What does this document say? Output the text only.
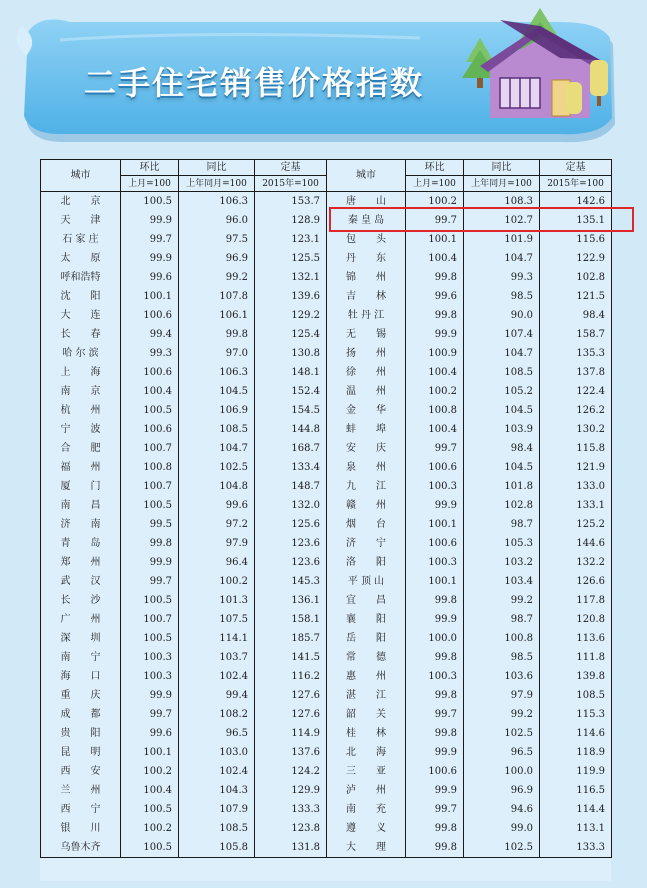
二手住宅销售价格指数
城市	环比	同比	定基	城市	环比	同比	定基
	上月=100	上年同月=100	2015年=100		上月=100	上年同月=100	2015年=100
北　　京	100.5	106.3	153.7	唐　　山	100.2	108.3	142.6
天　　津	99.9	96.0	128.9	秦 皇 岛	99.7	102.7	135.1
石 家 庄	99.7	97.5	123.1	包　　头	100.1	101.9	115.6
太　　原	99.9	96.9	125.5	丹　　东	100.4	104.7	122.9
呼和浩特	99.6	99.2	132.1	锦　　州	99.8	99.3	102.8
沈　　阳	100.1	107.8	139.6	吉　　林	99.6	98.5	121.5
大　　连	100.6	106.1	129.2	牡 丹 江	99.8	90.0	98.4
长　　春	99.4	99.8	125.4	无　　锡	99.9	107.4	158.7
哈 尔 滨	99.3	97.0	130.8	扬　　州	100.9	104.7	135.3
上　　海	100.6	106.3	148.1	徐　　州	100.4	108.5	137.8
南　　京	100.4	104.5	152.4	温　　州	100.2	105.2	122.4
杭　　州	100.5	106.9	154.5	金　　华	100.8	104.5	126.2
宁　　波	100.6	108.5	144.8	蚌　　埠	100.4	103.9	130.2
合　　肥	100.7	104.7	168.7	安　　庆	99.7	98.4	115.8
福　　州	100.8	102.5	133.4	泉　　州	100.6	104.5	121.9
厦　　门	100.7	104.8	148.7	九　　江	100.3	101.8	133.0
南　　昌	100.5	99.6	132.0	赣　　州	99.9	102.8	133.1
济　　南	99.5	97.2	125.6	烟　　台	100.1	98.7	125.2
青　　岛	99.8	97.9	123.6	济　　宁	100.6	105.3	144.6
郑　　州	99.9	96.4	123.6	洛　　阳	100.3	103.2	132.2
武　　汉	99.7	100.2	145.3	平 顶 山	100.1	103.4	126.6
长　　沙	100.5	101.3	136.1	宜　　昌	99.8	99.2	117.8
广　　州	100.7	107.5	158.1	襄　　阳	99.9	98.7	120.8
深　　圳	100.5	114.1	185.7	岳　　阳	100.0	100.8	113.6
南　　宁	100.3	103.7	141.5	常　　德	99.8	98.5	111.8
海　　口	100.3	102.4	116.2	惠　　州	100.3	103.6	139.8
重　　庆	99.9	99.4	127.6	湛　　江	99.8	97.9	108.5
成　　都	99.7	108.2	127.6	韶　　关	99.7	99.2	115.3
贵　　阳	99.6	96.5	114.9	桂　　林	99.8	102.5	114.6
昆　　明	100.1	103.0	137.6	北　　海	99.9	96.5	118.9
西　　安	100.2	102.4	124.2	三　　亚	100.6	100.0	119.9
兰　　州	100.4	104.3	129.9	泸　　州	99.9	96.9	116.5
西　　宁	100.5	107.9	133.3	南　　充	99.7	94.6	114.4
银　　川	100.2	108.5	123.8	遵　　义	99.8	99.0	113.1
乌鲁木齐	100.5	105.8	131.8	大　　理	99.8	102.5	133.3
